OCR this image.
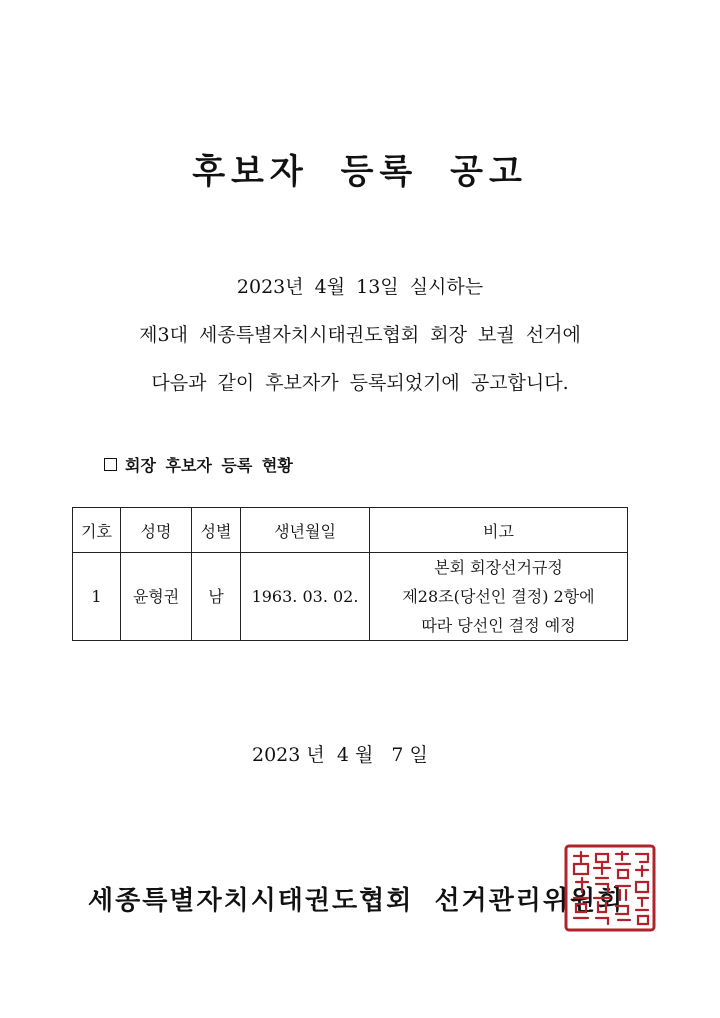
후보자 등록 공고
2023년 4월 13일 실시하는
제3대 세종특별자치시태권도협회 회장 보궐 선거에
다음과 같이 후보자가 등록되었기에 공고합니다.
회장 후보자 등록 현황
기호	성명	성별	생년월일	비고
1	윤형권	남	1963. 03. 02.	본회 회장선거규정
제28조(당선인 결정) 2항에
따라 당선인 결정 예정
2023 년  4 월   7 일
세종특별자치시태권도협회 선거관리위원회
